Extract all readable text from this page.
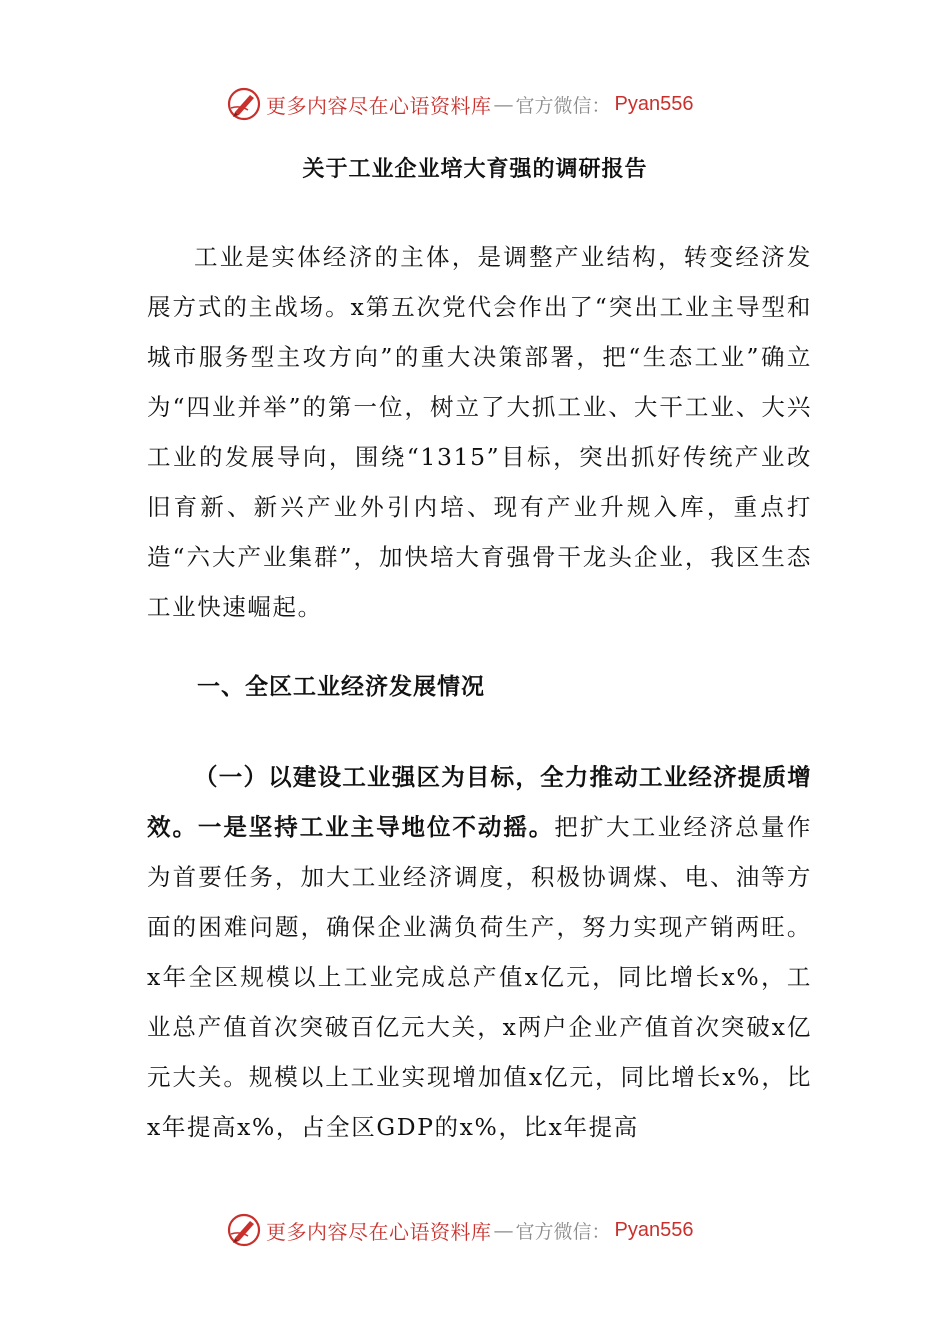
更多内容尽在心语资料库 — 官方微信： Pyan556
关于工业企业培大育强的调研报告
工业是实体经济的主体，是调整产业结构，转变经济发展方式的主战场。x第五次党代会作出了“突出工业主导型和城市服务型主攻方向”的重大决策部署，把“生态工业”确立为“四业并举”的第一位，树立了大抓工业、大干工业、大兴工业的发展导向，围绕“1315”目标，突出抓好传统产业改旧育新、新兴产业外引内培、现有产业升规入库，重点打造“六大产业集群”，加快培大育强骨干龙头企业，我区生态工业快速崛起。
一、全区工业经济发展情况
（一）以建设工业强区为目标，全力推动工业经济提质增效。一是坚持工业主导地位不动摇。把扩大工业经济总量作为首要任务，加大工业经济调度，积极协调煤、电、油等方面的困难问题，确保企业满负荷生产，努力实现产销两旺。x年全区规模以上工业完成总产值x亿元，同比增长x%，工业总产值首次突破百亿元大关，x两户企业产值首次突破x亿元大关。规模以上工业实现增加值x亿元，同比增长x%，比x年提高x%，占全区GDP的x%，比x年提高
更多内容尽在心语资料库 — 官方微信： Pyan556
